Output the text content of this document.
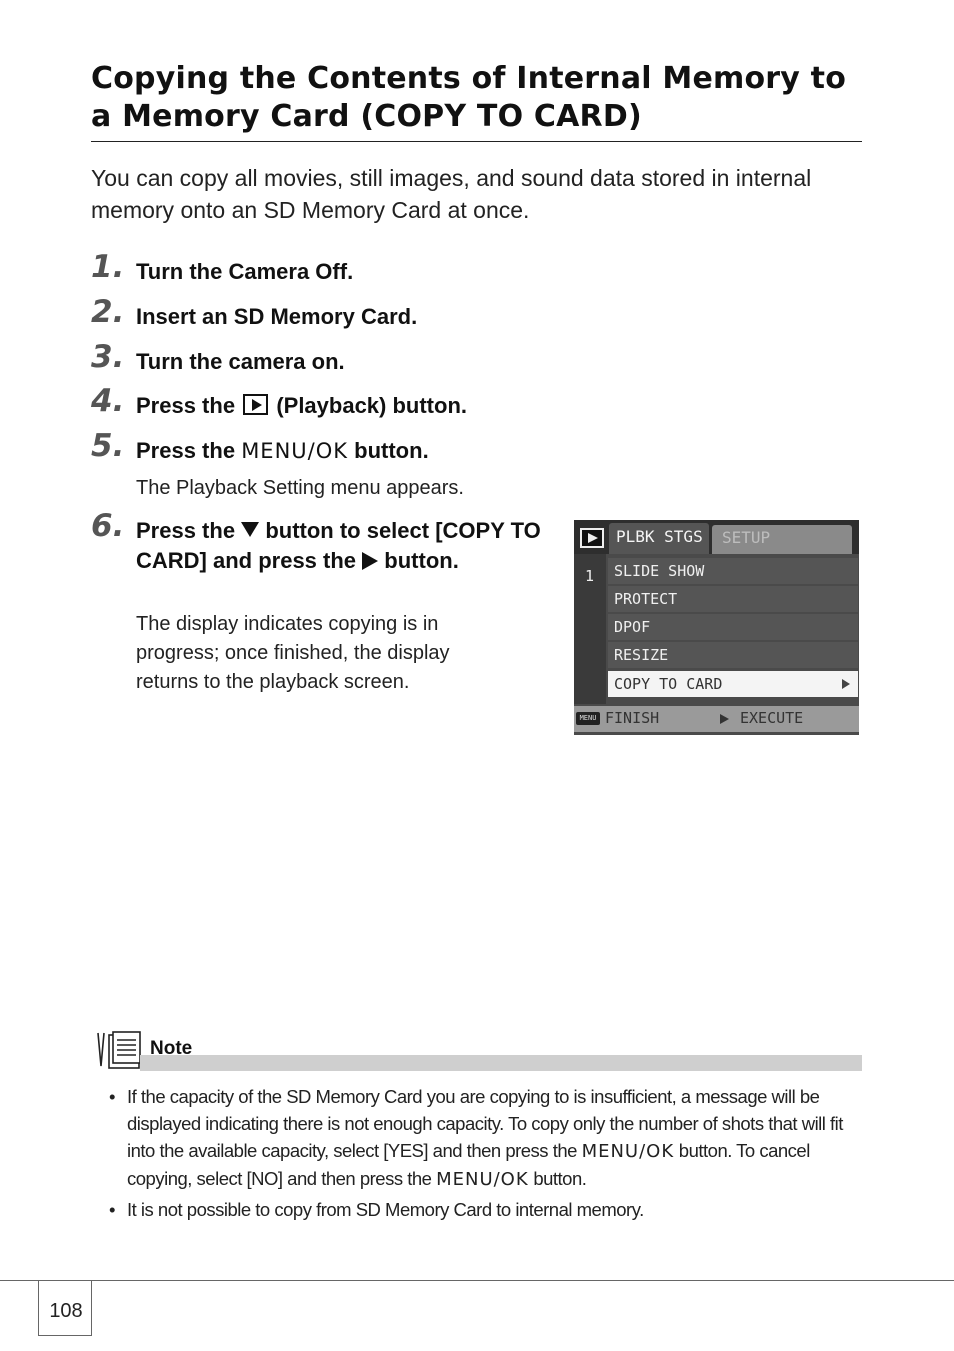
Copying the Contents of Internal Memory to a Memory Card (COPY TO CARD)
You can copy all movies, still images, and sound data stored in internal memory onto an SD Memory Card at once.
1. Turn the Camera Off.
2. Insert an SD Memory Card.
3. Turn the camera on.
4. Press the (Playback) button.
5. Press the MENU/OK button.
The Playback Setting menu appears.
6. Press the button to select [COPY TO CARD] and press the button.
The display indicates copying is in progress; once finished, the display returns to the playback screen.
PLBK STGS SETUP
1 SLIDE SHOW
PROTECT
DPOF
RESIZE
COPY TO CARD
MENU FINISH	EXECUTE
Note
• If the capacity of the SD Memory Card you are copying to is insufficient, a message will be displayed indicating there is not enough capacity. To copy only the number of shots that will fit into the available capacity, select [YES] and then press the MENU/OK button. To cancel copying, select [NO] and then press the MENU/OK button.
• It is not possible to copy from SD Memory Card to internal memory.
108
